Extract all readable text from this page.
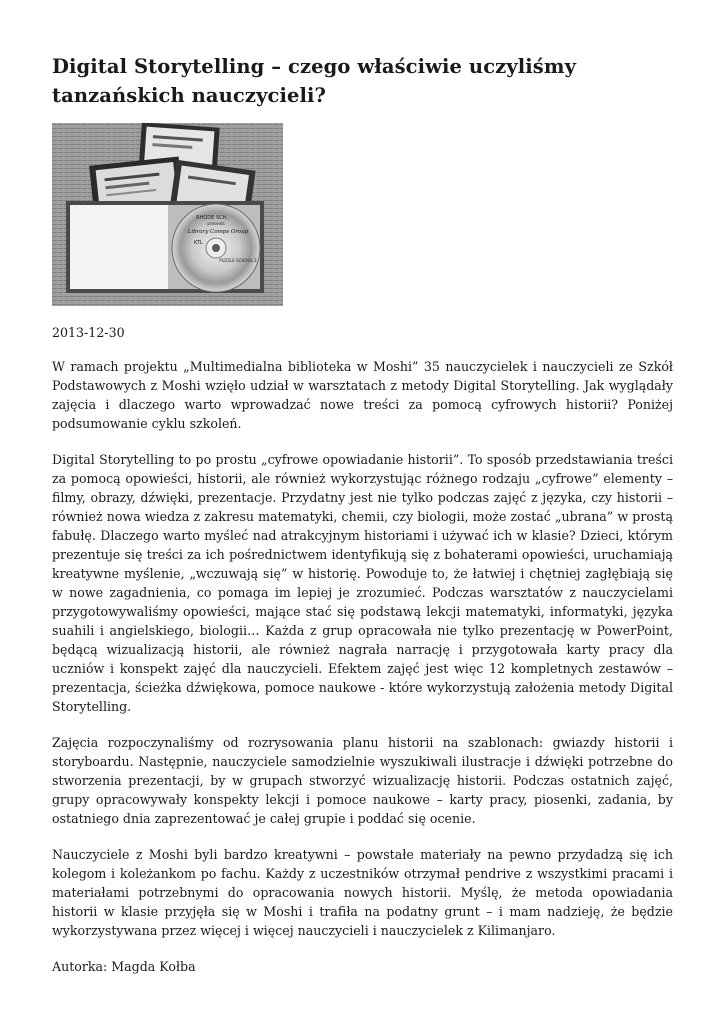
Digital Storytelling – czego właściwie uczyliśmy tanzańskich nauczycieli?
RHODE SCH.
presents
Library Comps Group
KTL
PUZZLE SCHOOL 2
2013-12-30

W ramach projektu „Multimedialna biblioteka w Moshi” 35 nauczycielek i nauczycieli ze Szkół Podstawowych z Moshi wzięło udział w warsztatach z metody Digital Storytelling. Jak wyglądały zajęcia i dlaczego warto wprowadzać nowe treści za pomocą cyfrowych historii? Poniżej podsumowanie cyklu szkoleń.

Digital Storytelling to po prostu „cyfrowe opowiadanie historii”. To sposób przedstawiania treści za pomocą opowieści, historii, ale również wykorzystując różnego rodzaju „cyfrowe” elementy – filmy, obrazy, dźwięki, prezentacje. Przydatny jest nie tylko podczas zajęć z języka, czy historii – również nowa wiedza z zakresu matematyki, chemii, czy biologii, może zostać „ubrana” w prostą fabułę. Dlaczego warto myśleć nad atrakcyjnym historiami i używać ich w klasie? Dzieci, którym prezentuje się treści za ich pośrednictwem identyfikują się z bohaterami opowieści, uruchamiają kreatywne myślenie, „wczuwają się” w historię. Powoduje to, że łatwiej i chętniej zagłębiają się w nowe zagadnienia, co pomaga im lepiej je zrozumieć. Podczas warsztatów z nauczycielami przygotowywaliśmy opowieści, mające stać się podstawą lekcji matematyki, informatyki, języka suahili i angielskiego, biologii… Każda z grup opracowała nie tylko prezentację w PowerPoint, będącą wizualizacją historii, ale również nagrała narrację i przygotowała karty pracy dla uczniów i konspekt zajęć dla nauczycieli. Efektem zajęć jest więc 12 kompletnych zestawów – prezentacja, ścieżka dźwiękowa, pomoce naukowe - które wykorzystują założenia metody Digital Storytelling.

Zajęcia rozpoczynaliśmy od rozrysowania planu historii na szablonach: gwiazdy historii i storyboardu. Następnie, nauczyciele samodzielnie wyszukiwali ilustracje i dźwięki potrzebne do stworzenia prezentacji, by w grupach stworzyć wizualizację historii. Podczas ostatnich zajęć, grupy opracowywały konspekty lekcji i pomoce naukowe – karty pracy, piosenki, zadania, by ostatniego dnia zaprezentować je całej grupie i poddać się ocenie.

Nauczyciele z Moshi byli bardzo kreatywni – powstałe materiały na pewno przydadzą się ich kolegom i koleżankom po fachu. Każdy z uczestników otrzymał pendrive z wszystkimi pracami i materiałami potrzebnymi do opracowania nowych historii. Myślę, że metoda opowiadania historii w klasie przyjęła się w Moshi i trafiła na podatny grunt – i mam nadzieję, że będzie wykorzystywana przez więcej i więcej nauczycieli i nauczycielek z Kilimanjaro.

Autorka: Magda Kołba
